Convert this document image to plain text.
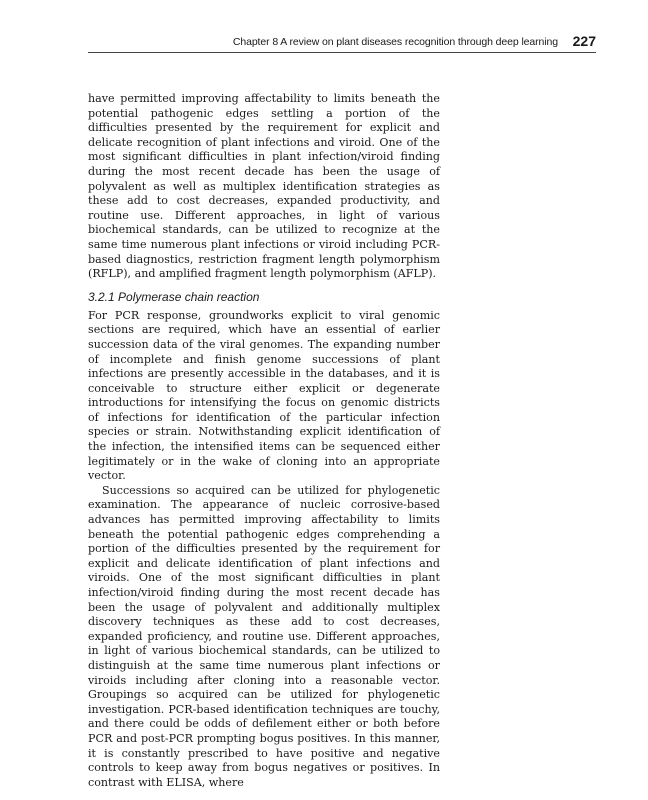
Chapter 8 A review on plant diseases recognition through deep learning 227

have permitted improving affectability to limits beneath the potential pathogenic edges settling a portion of the difficulties presented by the requirement for explicit and delicate recognition of plant infections and viroid. One of the most significant difficulties in plant infection/viroid finding during the most recent decade has been the usage of polyvalent as well as multiplex identification strategies as these add to cost decreases, expanded productivity, and routine use. Different approaches, in light of various biochemical standards, can be utilized to recognize at the same time numerous plant infections or viroid including PCR-based diagnostics, restriction fragment length polymorphism (RFLP), and amplified fragment length polymorphism (AFLP).

3.2.1 Polymerase chain reaction

For PCR response, groundworks explicit to viral genomic sections are required, which have an essential of earlier succession data of the viral genomes. The expanding number of incomplete and finish genome successions of plant infections are presently accessible in the databases, and it is conceivable to structure either explicit or degenerate introductions for intensifying the focus on genomic districts of infections for identification of the particular infection species or strain. Notwithstanding explicit identification of the infection, the intensified items can be sequenced either legitimately or in the wake of cloning into an appropriate vector.

Successions so acquired can be utilized for phylogenetic examination. The appearance of nucleic corrosive-based advances has permitted improving affectability to limits beneath the potential pathogenic edges comprehending a portion of the difficulties presented by the requirement for explicit and delicate identification of plant infections and viroids. One of the most significant difficulties in plant infection/viroid finding during the most recent decade has been the usage of polyvalent and additionally multiplex discovery techniques as these add to cost decreases, expanded proficiency, and routine use. Different approaches, in light of various biochemical standards, can be utilized to distinguish at the same time numerous plant infections or viroids including after cloning into a reasonable vector. Groupings so acquired can be utilized for phylogenetic investigation. PCR-based identification techniques are touchy, and there could be odds of defilement either or both before PCR and post-PCR prompting bogus positives. In this manner, it is constantly prescribed to have positive and negative controls to keep away from bogus negatives or positives. In contrast with ELISA, where
